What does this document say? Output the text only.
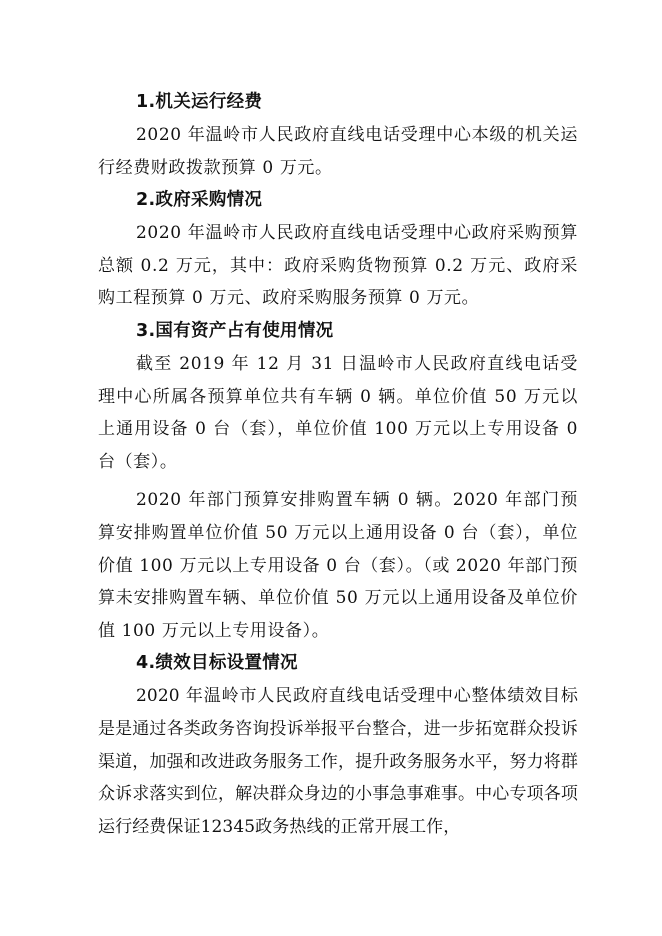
1.机关运行经费

2020 年温岭市人民政府直线电话受理中心本级的机关运行经费财政拨款预算 0 万元。

2.政府采购情况

2020 年温岭市人民政府直线电话受理中心政府采购预算总额 0.2 万元，其中：政府采购货物预算 0.2 万元、政府采购工程预算 0 万元、政府采购服务预算 0 万元。

3.国有资产占有使用情况

截至 2019 年 12 月 31 日温岭市人民政府直线电话受理中心所属各预算单位共有车辆 0 辆。单位价值 50 万元以上通用设备 0 台（套），单位价值 100 万元以上专用设备 0 台（套）。

2020 年部门预算安排购置车辆 0 辆。2020 年部门预算安排购置单位价值 50 万元以上通用设备 0 台（套），单位价值 100 万元以上专用设备 0 台（套）。（或 2020 年部门预算未安排购置车辆、单位价值 50 万元以上通用设备及单位价值 100 万元以上专用设备）。

4.绩效目标设置情况

2020 年温岭市人民政府直线电话受理中心整体绩效目标是是通过各类政务咨询投诉举报平台整合，进一步拓宽群众投诉渠道，加强和改进政务服务工作，提升政务服务水平，努力将群众诉求落实到位，解决群众身边的小事急事难事。中心专项各项运行经费保证12345政务热线的正常开展工作，
